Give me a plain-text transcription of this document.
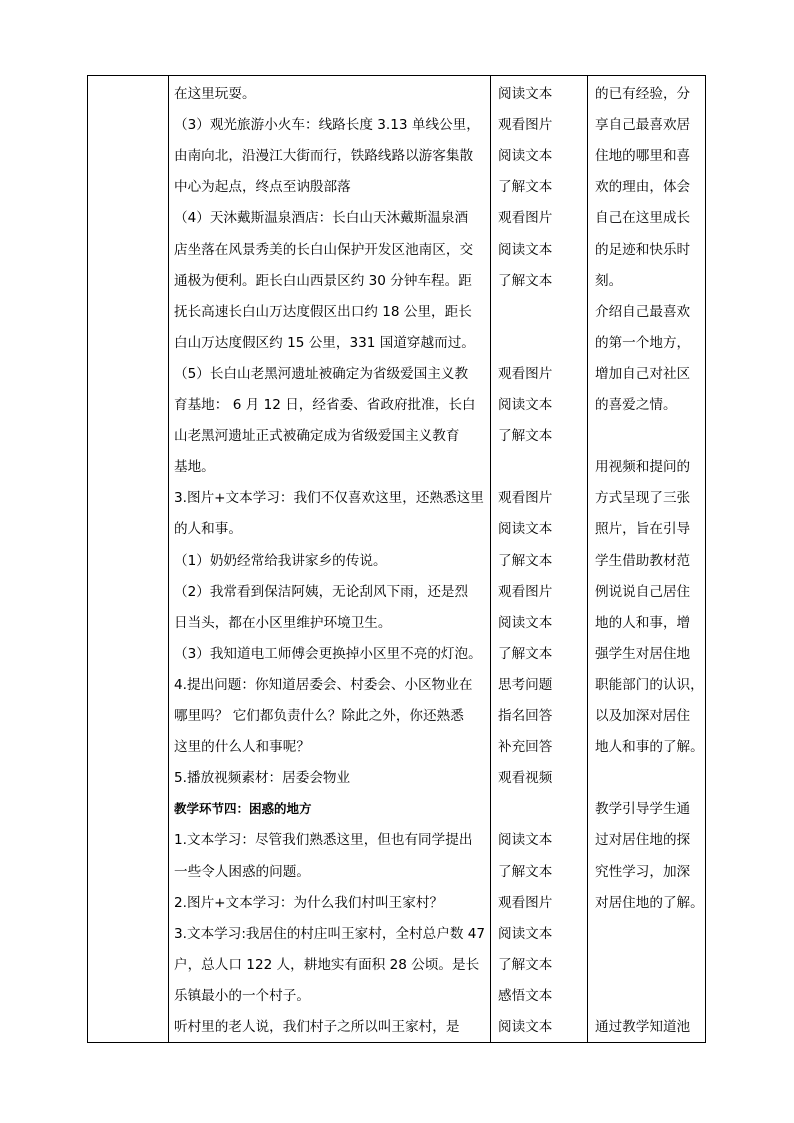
在这里玩耍。
（3）观光旅游小火车：线路长度 3.13 单线公里，
由南向北，沿漫江大街而行，铁路线路以游客集散
中心为起点，终点至讷殷部落
（4）天沐戴斯温泉酒店：长白山天沐戴斯温泉酒
店坐落在风景秀美的长白山保护开发区池南区，交
通极为便利。距长白山西景区约 30 分钟车程。距
抚长高速长白山万达度假区出口约 18 公里，距长
白山万达度假区约 15 公里，331 国道穿越而过。
（5）长白山老黑河遗址被确定为省级爱国主义教
育基地： 6 月 12 日，经省委、省政府批准，长白
山老黑河遗址正式被确定成为省级爱国主义教育
基地。
3.图片+文本学习：我们不仅喜欢这里，还熟悉这里
的人和事。
（1）奶奶经常给我讲家乡的传说。
（2）我常看到保洁阿姨，无论刮风下雨，还是烈
日当头，都在小区里维护环境卫生。
（3）我知道电工师傅会更换掉小区里不亮的灯泡。
4.提出问题：你知道居委会、村委会、小区物业在
哪里吗？ 它们都负责什么？除此之外，你还熟悉
这里的什么人和事呢？
5.播放视频素材：居委会物业
教学环节四：困惑的地方
1.文本学习：尽管我们熟悉这里，但也有同学提出
一些令人困惑的问题。
2.图片+文本学习：为什么我们村叫王家村？
3.文本学习:我居住的村庄叫王家村，全村总户数 47
户，总人口 122 人，耕地实有面积 28 公顷。是长
乐镇最小的一个村子。
听村里的老人说，我们村子之所以叫王家村，是
阅读文本
观看图片
阅读文本
了解文本
观看图片
阅读文本
了解文本
观看图片
阅读文本
了解文本
观看图片
阅读文本
了解文本
观看图片
阅读文本
了解文本
思考问题
指名回答
补充回答
观看视频
阅读文本
了解文本
观看图片
阅读文本
了解文本
感悟文本
阅读文本
的已有经验，分
享自己最喜欢居
住地的哪里和喜
欢的理由，体会
自己在这里成长
的足迹和快乐时
刻。
介绍自己最喜欢
的第一个地方，
增加自己对社区
的喜爱之情。
用视频和提问的
方式呈现了三张
照片，旨在引导
学生借助教材范
例说说自己居住
地的人和事，增
强学生对居住地
职能部门的认识，
以及加深对居住
地人和事的了解。
教学引导学生通
过对居住地的探
究性学习，加深
对居住地的了解。
通过教学知道池
